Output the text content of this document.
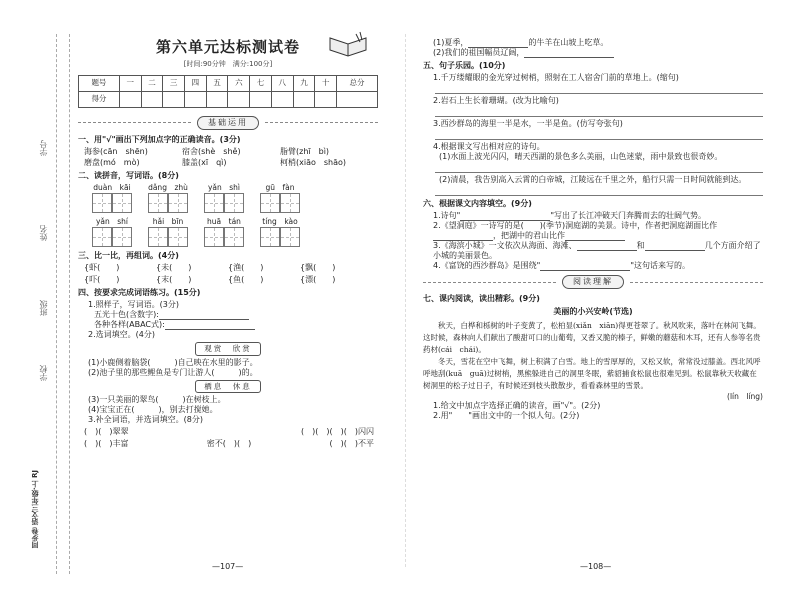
学号
姓名
班级
学校
同步卷 语文三年级·上 RJ
第六单元达标测试卷
[时间:90分钟　满分:100分]
题号	一	二	三	四	五	六	七	八	九	十	总分
得分											
基础运用
一、用"√"画出下列加点字的正确读音。(3分)
海参(cān　shēn)	宿舍(shè　shě)	脂臂(zhī　bì)
磨盘(mó　mò)	膝盖(xī　qì)	柯梢(xiāo　shāo)
二、读拼音，写词语。(8分)
duàn　kāi	dǎng　zhù	yǎn　shì	gū　fàn
yǎn　shí	hǎi　bīn	huā　tán	tíng　kào
三、比一比，再组词。(4分)
{虾(　　)	{未(　　)	{渔(　　)	{飘(　　)
{吓(　　)	{末(　　)	{鱼(　　)	{漂(　　)
四、按要求完成词语练习。(15分)
1.照样子，写词语。(3分)
五光十色(含数字):
各种各样(ABAC式):
2.选词填空。(4分)
观赏　欣赏
(1)小鹿侧着脑袋(　　　)自己映在水里的影子。
(2)池子里的那些鲤鱼是专门让游人(　　　)的。
栖息　休息
(3)一只美丽的翠鸟(　　　)在树枝上。
(4)宝宝正在(　　　)，别去打搅她。
3.补全词语，并选词填空。(8分)
(　)(　)翠翠	(　)(　)(　)(　)闪闪
(　)(　)丰富	密不(　)(　)	(　)(　)不平
—107—
(1)夏季，	的牛羊在山坡上吃草。
(2)我们的祖国幅员辽阔，
五、句子乐园。(10分)
1.千万缕耀眼的金光穿过树梢，照射在工人宿舍门前的草地上。(缩句)
2.岩石上生长着珊瑚。(改为比喻句)
3.西沙群岛的海里一半是水，一半是鱼。(仿写夸张句)
4.根据课文写出相对应的诗句。
(1)水面上波光闪闪，晴天西湖的景色多么美丽，山色迷蒙，雨中景致也很奇妙。
(2)清晨，我告别高入云霄的白帝城，江陵远在千里之外，船行只需一日时间就能到达。
六、根据课文内容填空。(9分)
1.诗句"	"写出了长江冲破天门奔腾而去的壮阔气势。
2.《望洞庭》一诗写的是(　　)(季节)洞庭湖的美景。诗中，作者把洞庭湖面比作，把湖中的君山比作
3.《海滨小城》一文依次从海面、海滩、	和	几个方面介绍了小城的美丽景色。
4.《富饶的西沙群岛》是围绕"	"这句话来写的。
阅读理解
七、课内阅读，读出精彩。(9分)
美丽的小兴安岭(节选)

秋天，白桦和栎树的叶子变黄了，松柏显(xiǎn　xiān)得更苍翠了。秋风吹来，落叶在林间飞舞。这时候，森林向人们献出了酸甜可口的山葡萄，又香又脆的榛子，鲜嫩的蘑菇和木耳，还有人参等名贵药材(cái　chái)。

冬天，雪花在空中飞舞，树上积满了白雪。地上的雪厚厚的，又松又软，常常没过膝盖。西北风呼呼地刮(kuā　guā)过树梢，黑熊躲进自己的洞里冬眠，紫貂捕食松鼠也很难见到。松鼠靠秋天收藏在树洞里的松子过日子，有时候还到枝头散散步，看看森林里的雪景。

(lín　líng)
1.给文中加点字选择正确的读音，画"√"。(2分)
2.用"　　"画出文中的一个拟人句。(2分)
—108—
